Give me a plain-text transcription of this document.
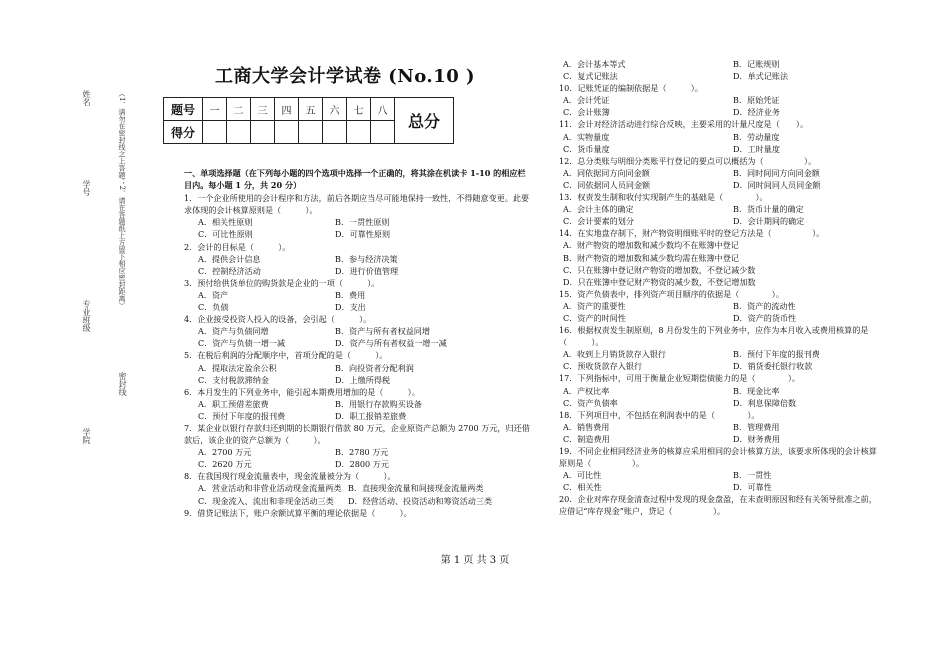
姓名
学号
专业班级
学院
（1．请勿在密封线之上答题；2．请在答题纸上方留下相应密封距离）
密封线
工商大学会计学试卷 (No.10 )
题号	一	二	三	四	五	六	七	八	总分
得分									
一、单项选择题（在下列每小题的四个选项中选择一个正确的，将其涂在机读卡 1-10 的相应栏目内。每小题 1 分，共 20 分）
1．一个企业所使用的会计程序和方法，前后各期应当尽可能地保持一致性，不得随意变更。此要求体现的会计核算原则是（　　　）。
A．相关性原则	B．一贯性原则
C．可比性原则	D．可靠性原则
2．会计的目标是（　　　）。
A．提供会计信息	B．参与经济决策
C．控制经济活动	D．进行价值管理
3．预付给供货单位的购货款是企业的一项（　　　）。
A．资产	B．费用
C．负债	D．支出
4．企业接受投资人投入的设备，会引起（　　　）。
A．资产与负债同增	B．资产与所有者权益同增
C．资产与负债一增一减	D．资产与所有者权益一增一减
5．在税后利润的分配顺序中，首项分配的是（　　　）。
A．提取法定盈余公积	B．向投资者分配利润
C．支付税款滞纳金	D．上缴所得税
6．本月发生的下列业务中，能引起本期费用增加的是（　　　）。
A．职工预借差旅费	B．用银行存款购买设备
C．预付下年度的报刊费	D．职工报销差旅费
7．某企业以银行存款归还到期的长期银行借款 80 万元，企业原资产总额为 2700 万元，归还借款后，该企业的资产总额为（　　　）。
A．2700 万元	B．2780 万元
C．2620 万元	D．2800 万元
8．在我国现行现金流量表中，现金流量被分为（　　　）。
A．营业活动和非营业活动现金流量两类 B．直接现金流量和间接现金流量两类
C．现金流入、流出和非现金活动三类	D．经营活动、投资活动和筹资活动三类
9．借贷记账法下，账户余额试算平衡的理论依据是（　　　）。
A．会计基本等式	B．记账规则
C．复式记账法	D．单式记账法
10．记账凭证的编制依据是（　　　）。
A．会计凭证	B．原始凭证
C．会计账簿	D．经济业务
11．会计对经济活动进行综合反映，主要采用的计量尺度是（　　）。
A．实物量度	B．劳动量度
C．货币量度	D．工时量度
12．总分类账与明细分类账平行登记的要点可以概括为（　　　　　）。
A．同依据同方向同金额	B．同时间同方向同金额
C．同依据同人员同金额	D．同时间同人员同金额
13．权责发生制和收付实现制产生的基础是（　　　　）。
A．会计主体的确定	B．货币计量的确定
C．会计要素的划分	D．会计期间的确定
14．在实地盘存制下，财产物资明细账平时的登记方法是（　　　　　）。
A．财产物资的增加数和减少数均不在账簿中登记
B．财产物资的增加数和减少数均需在账簿中登记
C．只在账簿中登记财产物资的增加数，不登记减少数
D．只在账簿中登记财产物资的减少数，不登记增加数
15．资产负债表中，排列资产项目顺序的依据是（　　　　）。
A．资产的重要性	B．资产的流动性
C．资产的时间性	D．资产的货币性
16．根据权责发生制原则，8 月份发生的下列业务中，应作为本月收入或费用核算的是（　　　）。
A．收到上月销货款存入银行	B．预付下年度的报刊费
C．预收货款存入银行	D．销货委托银行收款
17．下列指标中，可用于衡量企业短期偿债能力的是（　　　　）。
A．产权比率	B．现金比率
C．资产负债率	D．利息保障倍数
18．下列项目中，不包括在利润表中的是（　　　　）。
A．销售费用	B．管理费用
C．制造费用	D．财务费用
19．不同企业相同经济业务的核算应采用相同的会计核算方法，该要求所体现的会计核算原则是（　　　　　）。
A．可比性	B．一贯性
C．相关性	D．可靠性
20．企业对库存现金清查过程中发现的现金盘盈，在未查明原因和经有关领导批准之前，应借记“库存现金”账户，贷记（　　　　　）。
第 1 页 共 3 页
